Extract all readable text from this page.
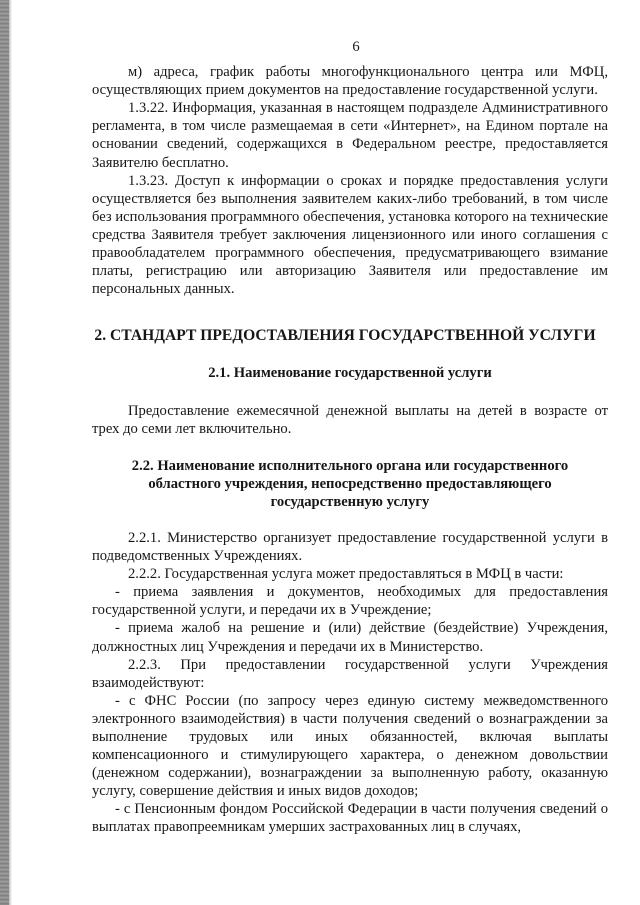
6

м) адреса, график работы многофункционального центра или МФЦ, осуществляющих прием документов на предоставление государственной услуги.

1.3.22. Информация, указанная в настоящем подразделе Административного регламента, в том числе размещаемая в сети «Интернет», на Едином портале на основании сведений, содержащихся в Федеральном реестре, предоставляется Заявителю бесплатно.

1.3.23. Доступ к информации о сроках и порядке предоставления услуги осуществляется без выполнения заявителем каких-либо требований, в том числе без использования программного обеспечения, установка которого на технические средства Заявителя требует заключения лицензионного или иного соглашения с правообладателем программного обеспечения, предусматривающего взимание платы, регистрацию или авторизацию Заявителя или предоставление им персональных данных.

2. СТАНДАРТ ПРЕДОСТАВЛЕНИЯ ГОСУДАРСТВЕННОЙ УСЛУГИ
2.1. Наименование государственной услуги

Предоставление ежемесячной денежной выплаты на детей в возрасте от трех до семи лет включительно.

2.2. Наименование исполнительного органа или государственного областного учреждения, непосредственно предоставляющего государственную услугу

2.2.1. Министерство организует предоставление государственной услуги в подведомственных Учреждениях.

2.2.2. Государственная услуга может предоставляться в МФЦ в части:

- приема заявления и документов, необходимых для предоставления государственной услуги, и передачи их в Учреждение;

- приема жалоб на решение и (или) действие (бездействие) Учреждения, должностных лиц Учреждения и передачи их в Министерство.

2.2.3. При предоставлении государственной услуги Учреждения взаимодействуют:

- с ФНС России (по запросу через единую систему межведомственного электронного взаимодействия) в части получения сведений о вознаграждении за выполнение трудовых или иных обязанностей, включая выплаты компенсационного и стимулирующего характера, о денежном довольствии (денежном содержании), вознаграждении за выполненную работу, оказанную услугу, совершение действия и иных видов доходов;

- с Пенсионным фондом Российской Федерации в части получения сведений о выплатах правопреемникам умерших застрахованных лиц в случаях,
